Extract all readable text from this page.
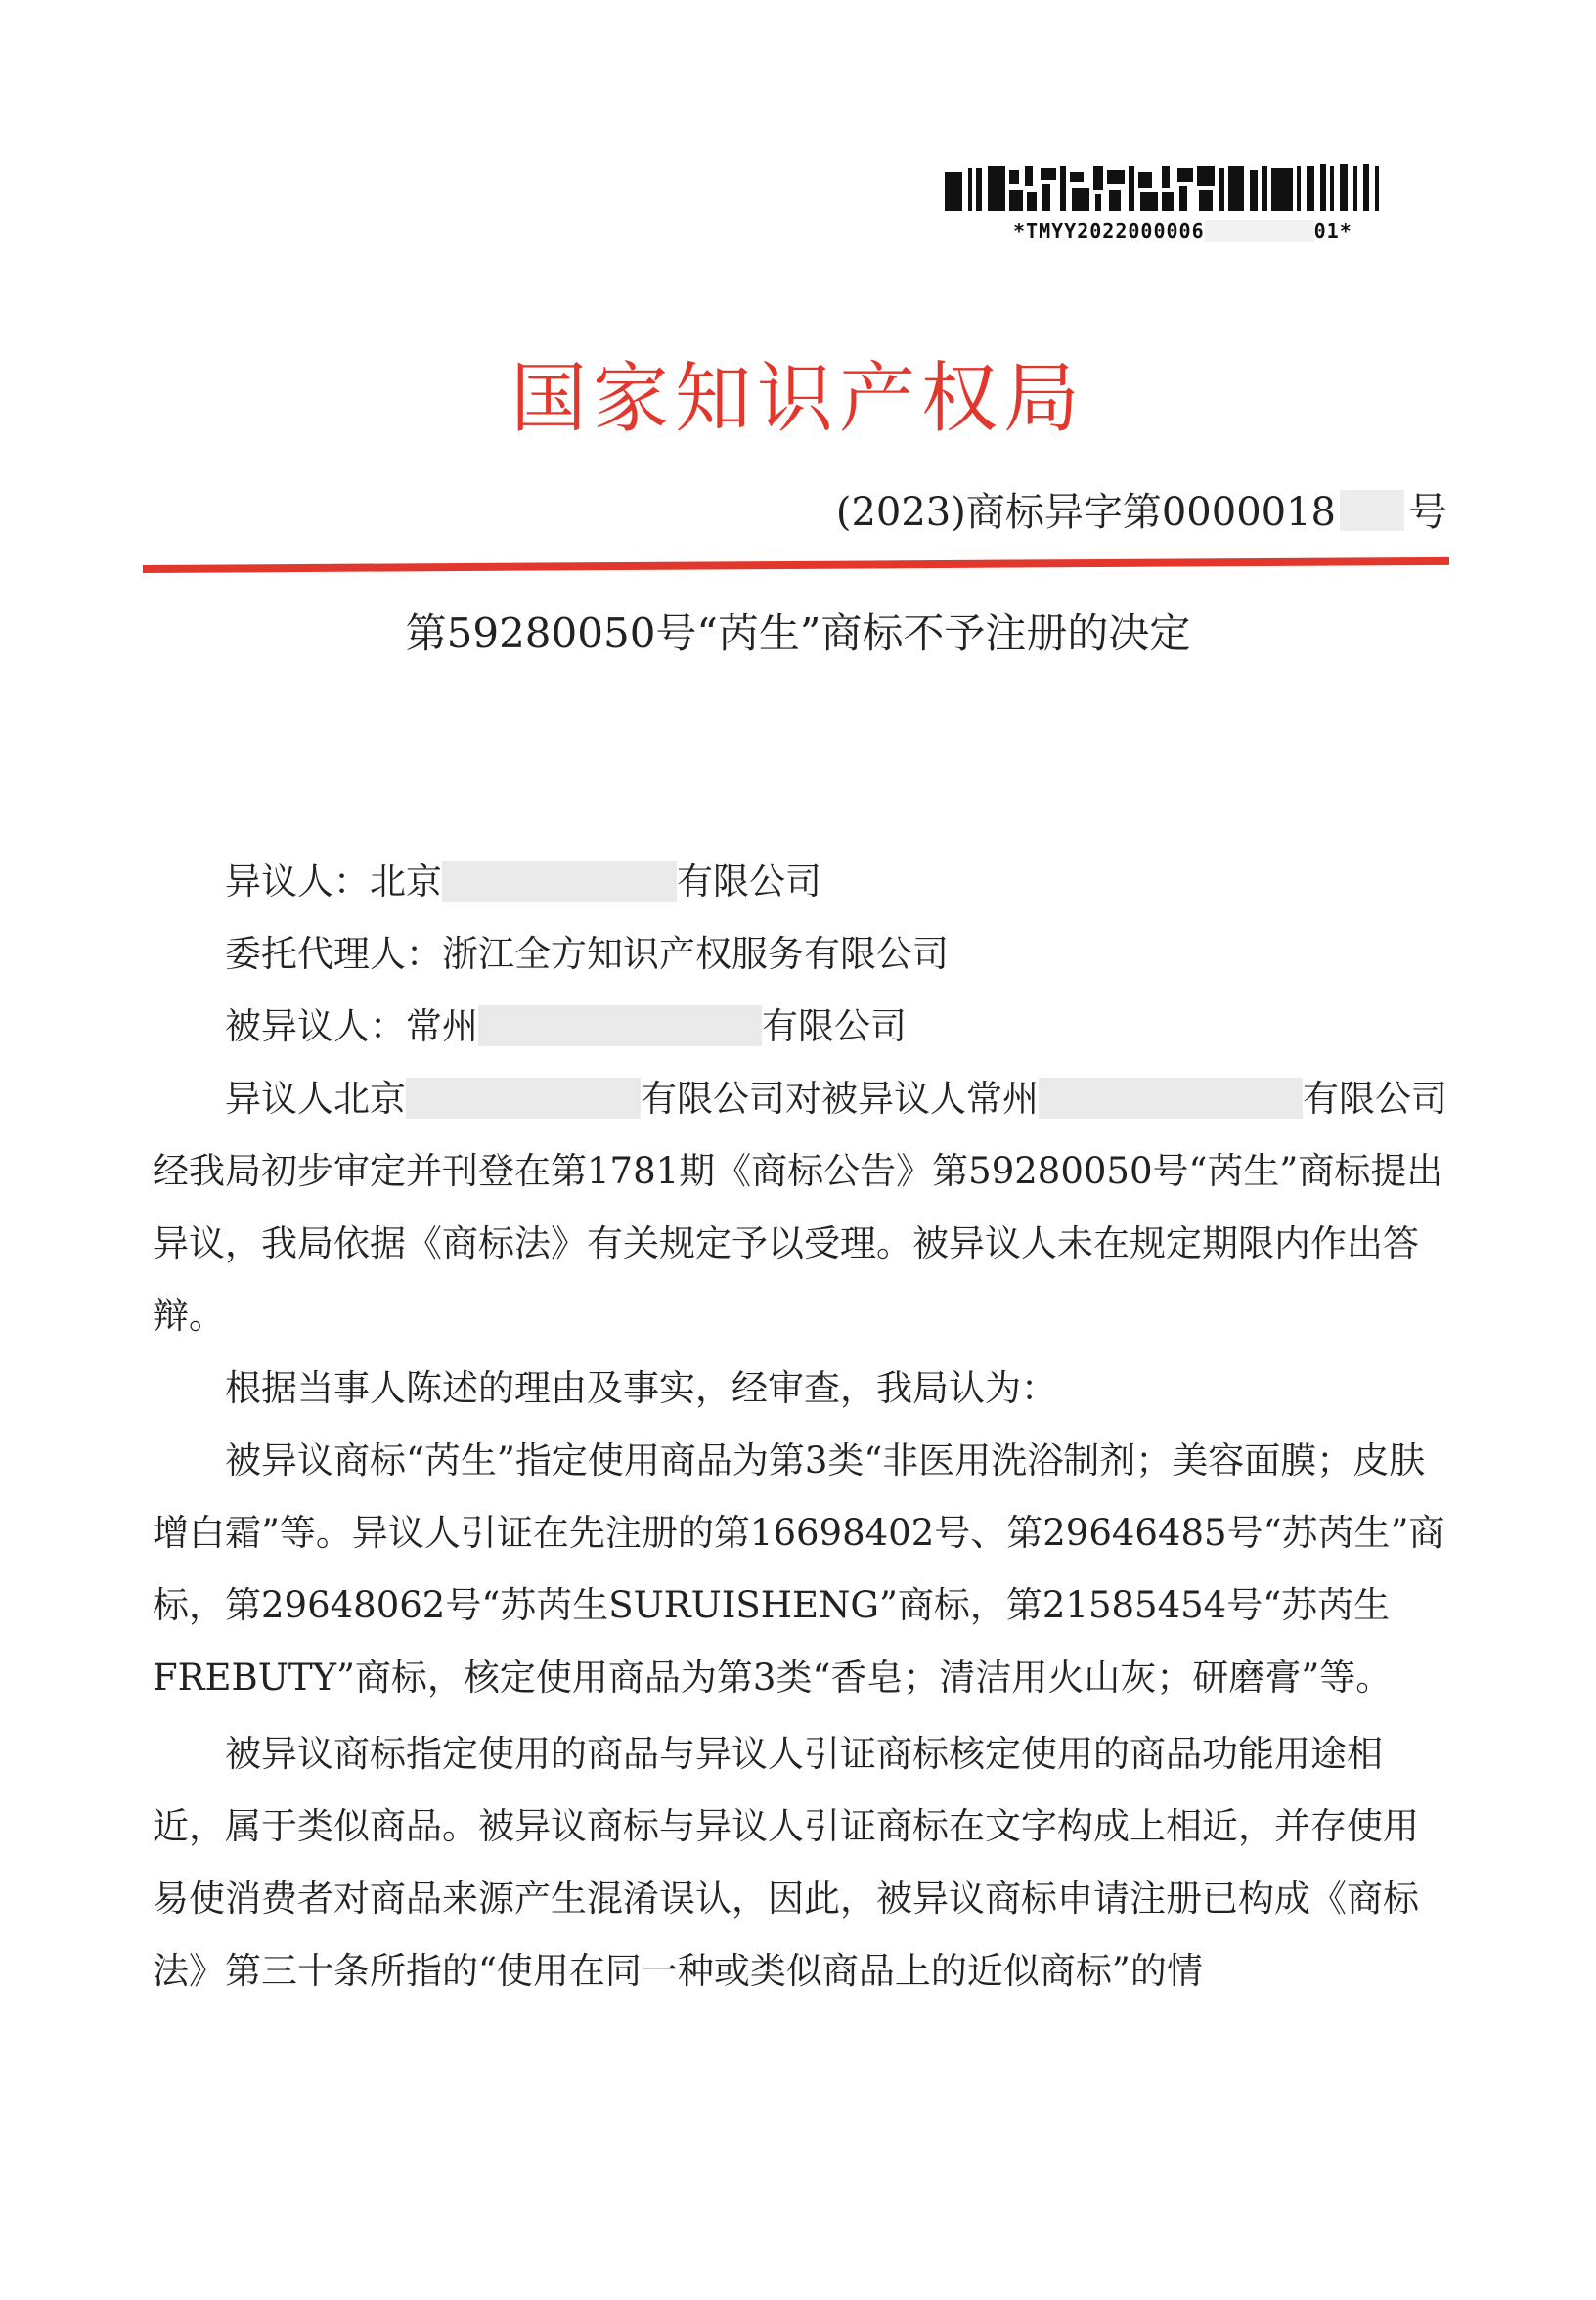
*TMYY2022000006	01*
国家知识产权局
(2023)商标异字第0000018 号
第59280050号“芮生”商标不予注册的决定

异议人：北京	有限公司

委托代理人：浙江全方知识产权服务有限公司

被异议人：常州	有限公司

异议人北京	有限公司对被异议人常州	有限公司经我局初步审定并刊登在第1781期《商标公告》第59280050号“芮生”商标提出异议，我局依据《商标法》有关规定予以受理。被异议人未在规定期限内作出答辩。

根据当事人陈述的理由及事实，经审查，我局认为：

被异议商标“芮生”指定使用商品为第3类“非医用洗浴制剂；美容面膜；皮肤增白霜”等。异议人引证在先注册的第16698402号、第29646485号“苏芮生”商标，第29648062号“苏芮生SURUISHENG”商标，第21585454号“苏芮生FREBUTY”商标，核定使用商品为第3类“香皂；清洁用火山灰；研磨膏”等。

被异议商标指定使用的商品与异议人引证商标核定使用的商品功能用途相近，属于类似商品。被异议商标与异议人引证商标在文字构成上相近，并存使用易使消费者对商品来源产生混淆误认，因此，被异议商标申请注册已构成《商标法》第三十条所指的“使用在同一种或类似商品上的近似商标”的情
